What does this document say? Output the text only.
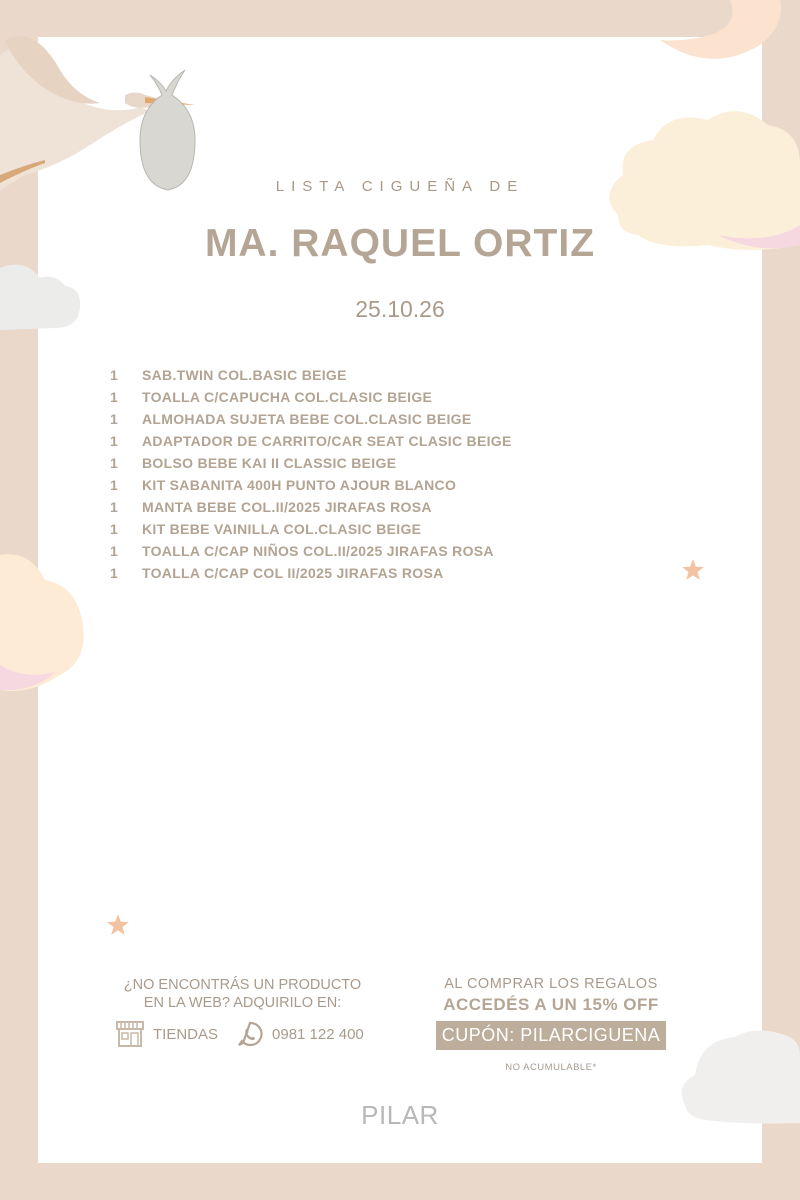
LISTA CIGUEÑA DE
MA. RAQUEL ORTIZ
25.10.26
1	SAB.TWIN COL.BASIC BEIGE
1	TOALLA C/CAPUCHA COL.CLASIC BEIGE
1	ALMOHADA SUJETA BEBE COL.CLASIC BEIGE
1	ADAPTADOR DE CARRITO/CAR SEAT CLASIC BEIGE
1	BOLSO BEBE KAI II CLASSIC BEIGE
1	KIT SABANITA 400H PUNTO AJOUR BLANCO
1	MANTA BEBE COL.II/2025 JIRAFAS ROSA
1	KIT BEBE VAINILLA COL.CLASIC BEIGE
1	TOALLA C/CAP NIÑOS COL.II/2025 JIRAFAS ROSA
1	TOALLA C/CAP COL II/2025 JIRAFAS ROSA
¿NO ENCONTRÁS UN PRODUCTO
EN LA WEB? ADQUIRILO EN:
TIENDAS	0981 122 400
AL COMPRAR LOS REGALOS
ACCEDÉS A UN 15% OFF
CUPÓN: PILARCIGUENA
NO ACUMULABLE*
PILAR
